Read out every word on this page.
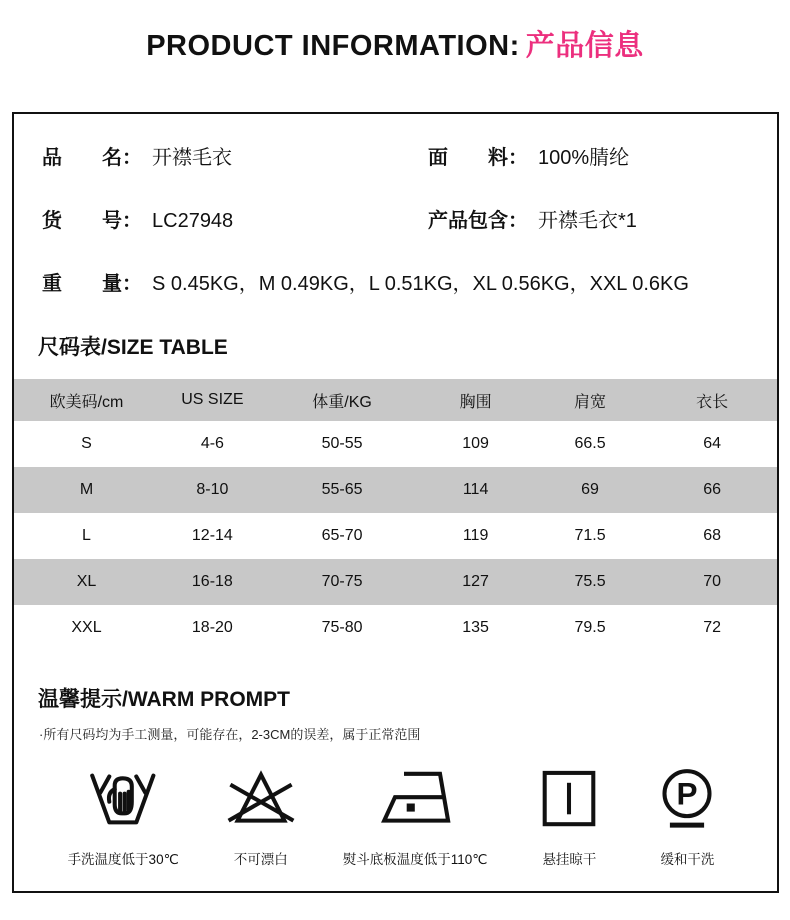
PRODUCT INFORMATION: 产品信息
品 名： 开襟毛衣	面 料： 100%腈纶
货 号： LC27948	产品包含： 开襟毛衣*1
重 量： S 0.45KG，M 0.49KG，L 0.51KG，XL 0.56KG，XXL 0.6KG
尺码表/SIZE TABLE
欧美码/cm	US SIZE	体重/KG	胸围	肩宽	衣长
S	4-6	50-55	109	66.5	64
M	8-10	55-65	114	69	66
L	12-14	65-70	119	71.5	68
XL	16-18	70-75	127	75.5	70
XXL	18-20	75-80	135	79.5	72
温馨提示/WARM PROMPT
·所有尺码均为手工测量，可能存在，2-3CM的误差，属于正常范围
手洗温度低于30℃	不可漂白	熨斗底板温度低于110℃	悬挂晾干
P
缓和干洗
